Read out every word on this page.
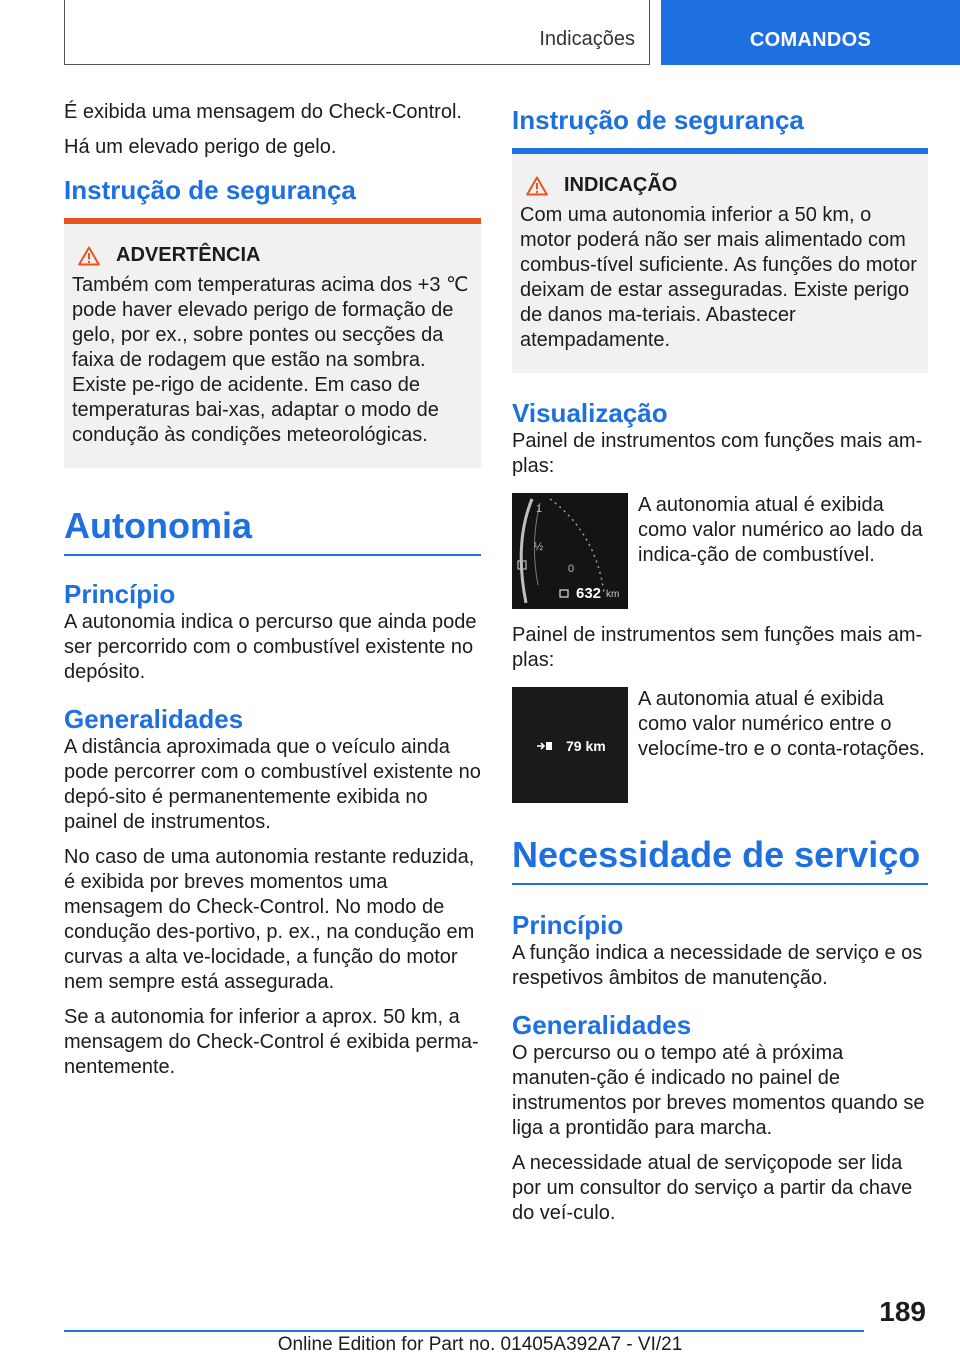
Indicações	COMANDOS

É exibida uma mensagem do Check-Control.

Há um elevado perigo de gelo.

Instrução de segurança
ADVERTÊNCIA

Também com temperaturas acima dos +3 ℃ pode haver elevado perigo de formação de gelo, por ex., sobre pontes ou secções da faixa de rodagem que estão na sombra. Existe pe-rigo de acidente. Em caso de temperaturas bai-xas, adaptar o modo de condução às condições meteorológicas.

Autonomia
Princípio

A autonomia indica o percurso que ainda pode ser percorrido com o combustível existente no depósito.

Generalidades

A distância aproximada que o veículo ainda pode percorrer com o combustível existente no depó-sito é permanentemente exibida no painel de instrumentos.

No caso de uma autonomia restante reduzida, é exibida por breves momentos uma mensagem do Check-Control. No modo de condução des-portivo, p. ex., na condução em curvas a alta ve-locidade, a função do motor nem sempre está assegurada.

Se a autonomia for inferior a aprox. 50 km, a mensagem do Check-Control é exibida perma-nentemente.

Instrução de segurança
INDICAÇÃO

Com uma autonomia inferior a 50 km, o motor poderá não ser mais alimentado com combus-tível suficiente. As funções do motor deixam de estar asseguradas. Existe perigo de danos ma-teriais. Abastecer atempadamente.

Visualização

Painel de instrumentos com funções mais am-plas:

1
½
0
632 km

A autonomia atual é exibida como valor numérico ao lado da indica-ção de combustível.

Painel de instrumentos sem funções mais am-plas:

79 km

A autonomia atual é exibida como valor numérico entre o velocíme-tro e o conta-rotações.

Necessidade de serviço
Princípio

A função indica a necessidade de serviço e os respetivos âmbitos de manutenção.

Generalidades

O percurso ou o tempo até à próxima manuten-ção é indicado no painel de instrumentos por breves momentos quando se liga a prontidão para marcha.

A necessidade atual de serviçopode ser lida por um consultor do serviço a partir da chave do veí-culo.

189
Online Edition for Part no. 01405A392A7 - VI/21
